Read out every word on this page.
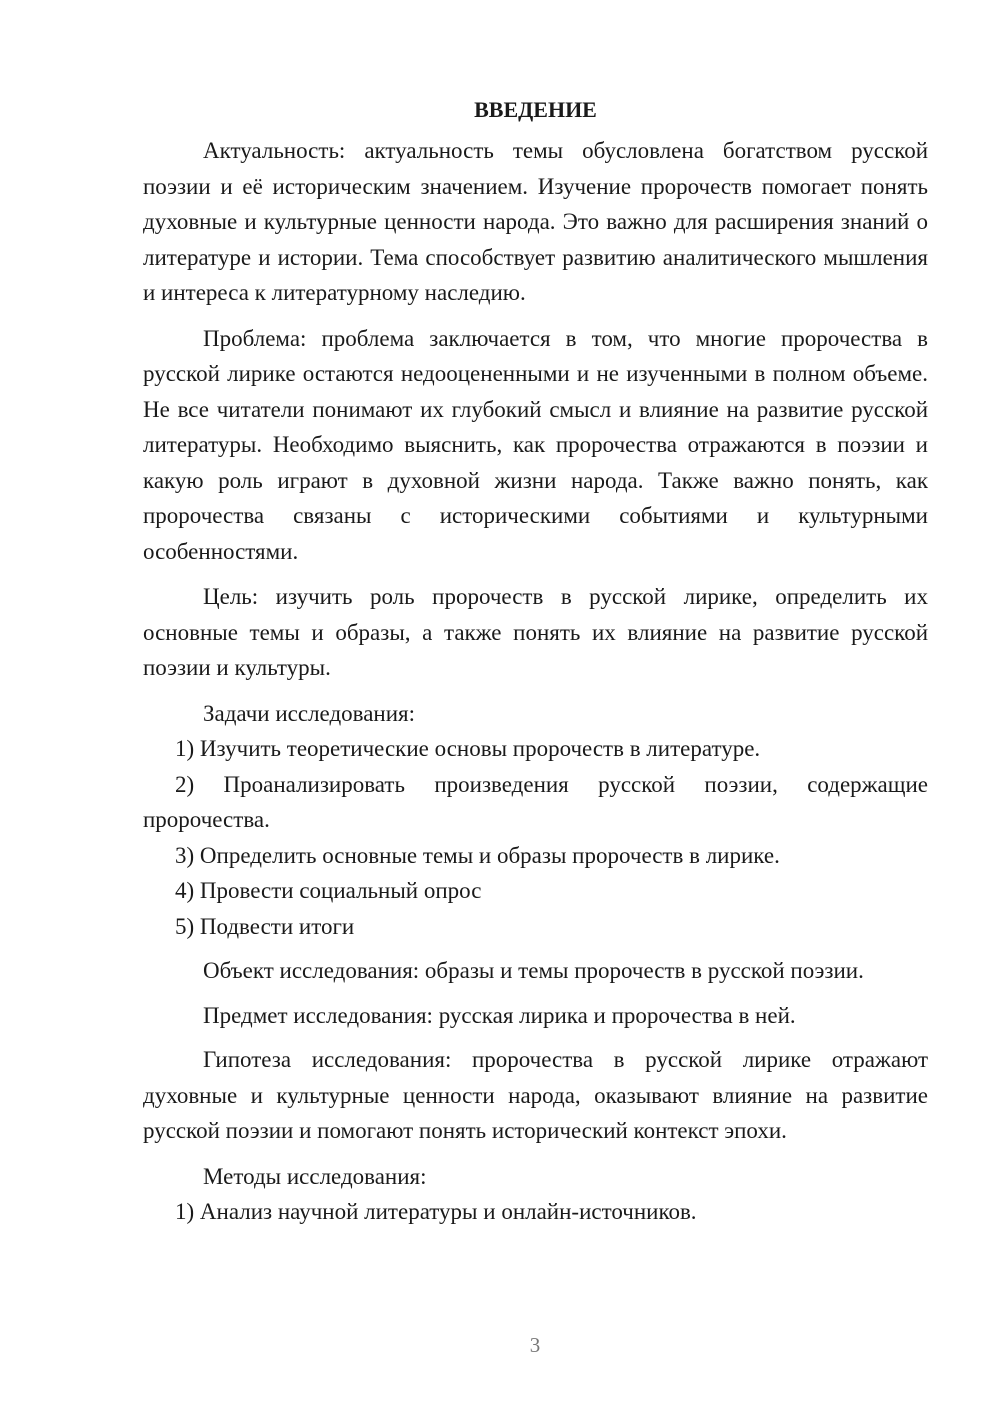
ВВЕДЕНИЕ

Актуальность: актуальность темы обусловлена богатством русской поэзии и её историческим значением. Изучение пророчеств помогает понять духовные и культурные ценности народа. Это важно для расширения знаний о литературе и истории. Тема способствует развитию аналитического мышления и интереса к литературному наследию.

Проблема: проблема заключается в том, что многие пророчества в русской лирике остаются недооцененными и не изученными в полном объеме. Не все читатели понимают их глубокий смысл и влияние на развитие русской литературы. Необходимо выяснить, как пророчества отражаются в поэзии и какую роль играют в духовной жизни народа. Также важно понять, как пророчества связаны с историческими событиями и культурными особенностями.

Цель: изучить роль пророчеств в русской лирике, определить их основные темы и образы, а также понять их влияние на развитие русской поэзии и культуры.

Задачи исследования:

1) Изучить теоретические основы пророчеств в литературе.

2) Проанализировать произведения русской поэзии, содержащие пророчества.

3) Определить основные темы и образы пророчеств в лирике.

4) Провести социальный опрос

5) Подвести итоги

Объект исследования: образы и темы пророчеств в русской поэзии.

Предмет исследования: русская лирика и пророчества в ней.

Гипотеза исследования: пророчества в русской лирике отражают духовные и культурные ценности народа, оказывают влияние на развитие русской поэзии и помогают понять исторический контекст эпохи.

Методы исследования:

1) Анализ научной литературы и онлайн-источников.

3
